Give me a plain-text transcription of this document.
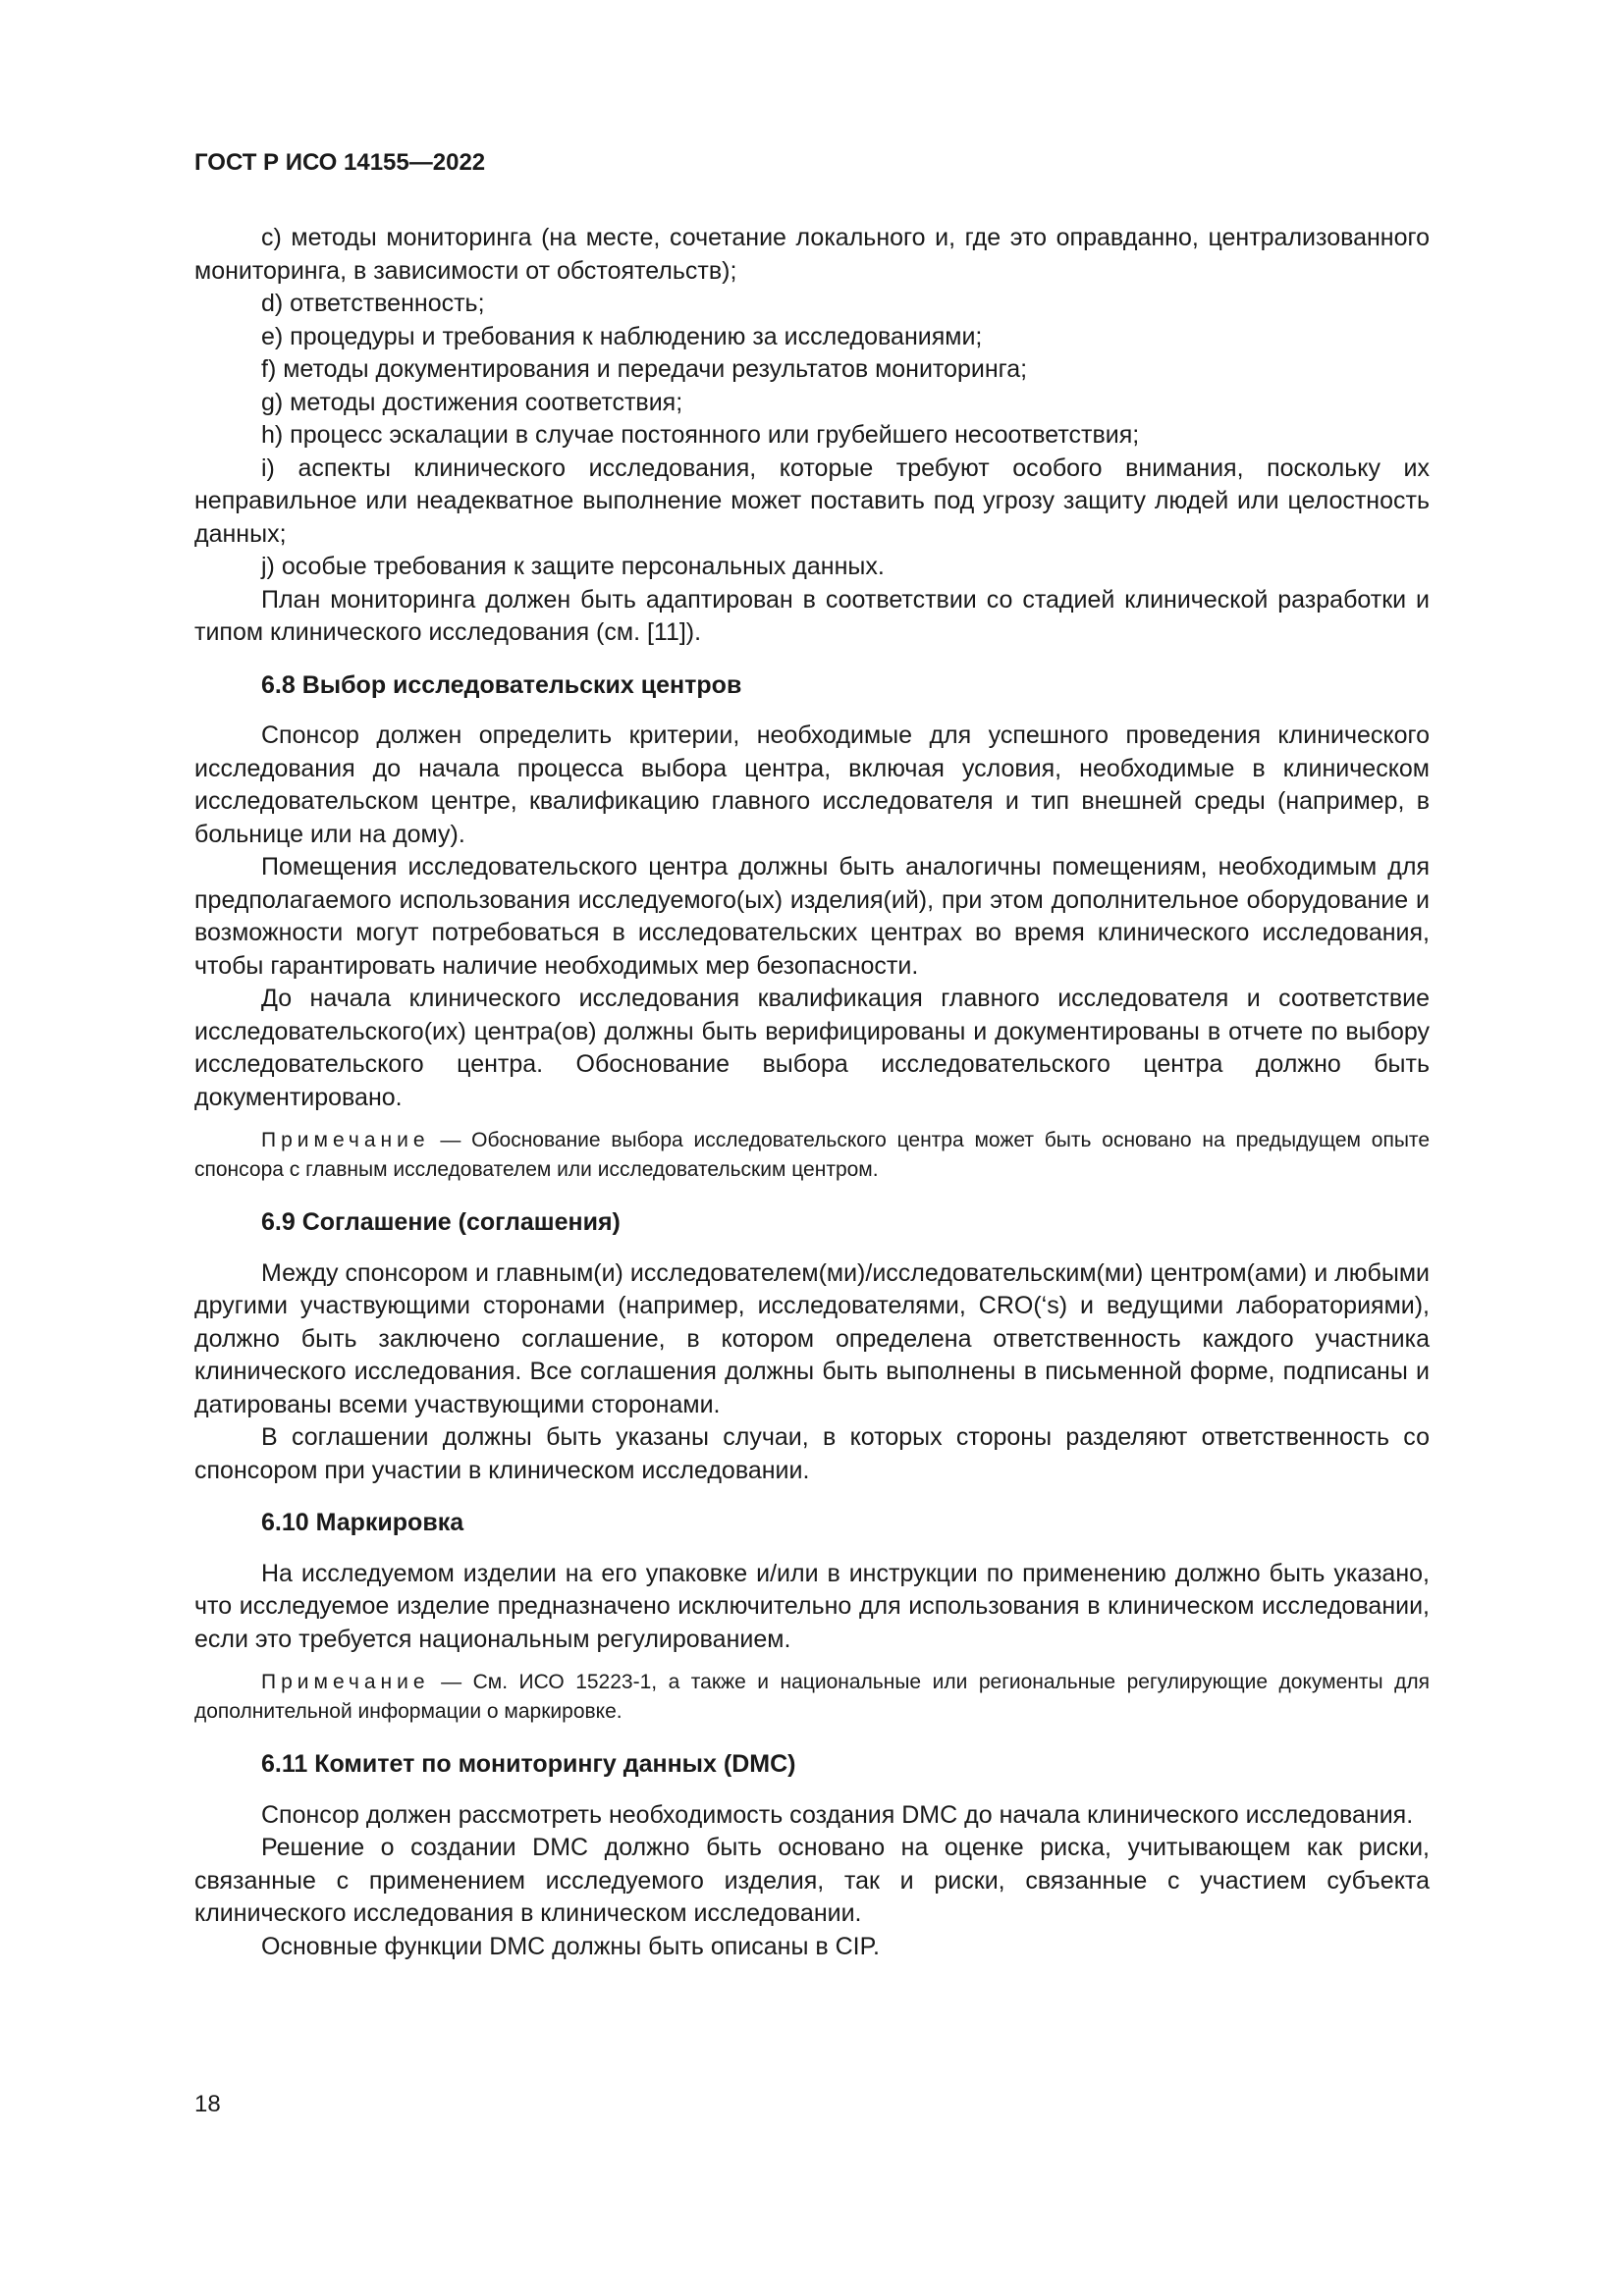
ГОСТ Р ИСО 14155—2022
c) методы мониторинга (на месте, сочетание локального и, где это оправданно, централизованного мониторинга, в зависимости от обстоятельств);
d) ответственность;
e) процедуры и требования к наблюдению за исследованиями;
f) методы документирования и передачи результатов мониторинга;
g) методы достижения соответствия;
h) процесс эскалации в случае постоянного или грубейшего несоответствия;
i) аспекты клинического исследования, которые требуют особого внимания, поскольку их неправильное или неадекватное выполнение может поставить под угрозу защиту людей или целостность данных;
j) особые требования к защите персональных данных.
План мониторинга должен быть адаптирован в соответствии со стадией клинической разработки и типом клинического исследования (см. [11]).
6.8 Выбор исследовательских центров
Спонсор должен определить критерии, необходимые для успешного проведения клинического исследования до начала процесса выбора центра, включая условия, необходимые в клиническом исследовательском центре, квалификацию главного исследователя и тип внешней среды (например, в больнице или на дому).
Помещения исследовательского центра должны быть аналогичны помещениям, необходимым для предполагаемого использования исследуемого(ых) изделия(ий), при этом дополнительное оборудование и возможности могут потребоваться в исследовательских центрах во время клинического исследования, чтобы гарантировать наличие необходимых мер безопасности.
До начала клинического исследования квалификация главного исследователя и соответствие исследовательского(их) центра(ов) должны быть верифицированы и документированы в отчете по выбору исследовательского центра. Обоснование выбора исследовательского центра должно быть документировано.
Примечание — Обоснование выбора исследовательского центра может быть основано на предыдущем опыте спонсора с главным исследователем или исследовательским центром.
6.9 Соглашение (соглашения)
Между спонсором и главным(и) исследователем(ми)/исследовательским(ми) центром(ами) и любыми другими участвующими сторонами (например, исследователями, CRO(‘s) и ведущими лабораториями), должно быть заключено соглашение, в котором определена ответственность каждого участника клинического исследования. Все соглашения должны быть выполнены в письменной форме, подписаны и датированы всеми участвующими сторонами.
В соглашении должны быть указаны случаи, в которых стороны разделяют ответственность со спонсором при участии в клиническом исследовании.
6.10 Маркировка
На исследуемом изделии на его упаковке и/или в инструкции по применению должно быть указано, что исследуемое изделие предназначено исключительно для использования в клиническом исследовании, если это требуется национальным регулированием.
Примечание — См. ИСО 15223-1, а также и национальные или региональные регулирующие документы для дополнительной информации о маркировке.
6.11 Комитет по мониторингу данных (DMC)
Спонсор должен рассмотреть необходимость создания DMC до начала клинического исследования.
Решение о создании DMC должно быть основано на оценке риска, учитывающем как риски, связанные с применением исследуемого изделия, так и риски, связанные с участием субъекта клинического исследования в клиническом исследовании.
Основные функции DMC должны быть описаны в CIP.
18
